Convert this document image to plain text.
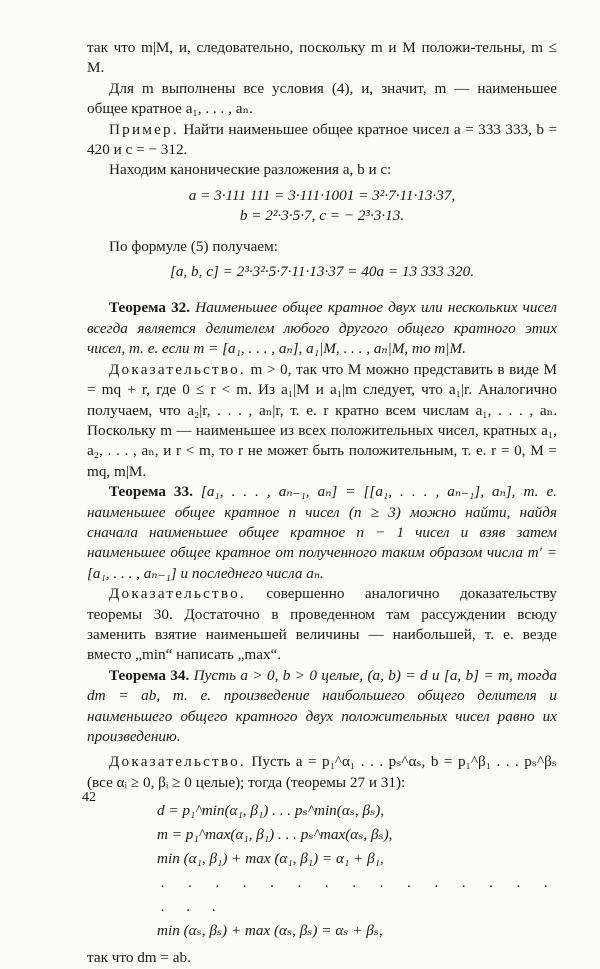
так что m|M, и, следовательно, поскольку m и M положи-тельны, m ≤ M.

Для m выполнены все условия (4), и, значит, m — наименьшее общее кратное a₁, . . . , aₙ.

Пример. Найти наименьшее общее кратное чисел a = 333 333, b = 420 и c = − 312.

Находим канонические разложения a, b и c:

a = 3·111 111 = 3·111·1001 = 3²·7·11·13·37,

b = 2²·3·5·7, c = − 2³·3·13.

По формуле (5) получаем:

[a, b, c] = 2³·3²·5·7·11·13·37 = 40a = 13 333 320.

Теорема 32. Наименьшее общее кратное двух или нескольких чисел всегда является делителем любого другого общего кратного этих чисел, т. е. если m = [a₁, . . . , aₙ], a₁|M, . . . , aₙ|M, то m|M.

Доказательство. m > 0, так что M можно представить в виде M = mq + r, где 0 ≤ r < m. Из a₁|M и a₁|m следует, что a₁|r. Аналогично получаем, что a₂|r, . . . , aₙ|r, т. е. r кратно всем числам a₁, . . . , aₙ. Поскольку m — наименьшее из всех положительных чисел, кратных a₁, a₂, . . . , aₙ, и r < m, то r не может быть положительным, т. е. r = 0, M = mq, m|M.

Теорема 33. [a₁, . . . , aₙ₋₁, aₙ] = [[a₁, . . . , aₙ₋₁], aₙ], т. е. наименьшее общее кратное n чисел (n ≥ 3) можно найти, найдя сначала наименьшее общее кратное n − 1 чисел и взяв затем наименьшее общее кратное от полученного таким образом числа m′ = [a₁, . . . , aₙ₋₁] и последнего числа aₙ.

Доказательство. совершенно аналогично доказательству теоремы 30. Достаточно в проведенном там рассуждении всюду заменить взятие наименьшей величины — наибольшей, т. е. везде вместо „min“ написать „max“.

Теорема 34. Пусть a > 0, b > 0 целые, (a, b) = d и [a, b] = m, тогда dm = ab, т. е. произведение наибольшего общего делителя и наименьшего общего кратного двух положительных чисел равно их произведению.

Доказательство. Пусть a = p₁^α₁ . . . pₛ^αₛ, b = p₁^β₁ . . . pₛ^βₛ (все αᵢ ≥ 0, βᵢ ≥ 0 целые); тогда (теоремы 27 и 31):

d = p₁^min(α₁, β₁) . . . pₛ^min(αₛ, βₛ),
m = p₁^max(α₁, β₁) . . . pₛ^max(αₛ, βₛ),
min (α₁, β₁) + max (α₁, β₁) = α₁ + β₁,
. . . . . . . . . . . . . . . . . .
min (αₛ, βₛ) + max (αₛ, βₛ) = αₛ + βₛ,

так что dm = ab.

42
